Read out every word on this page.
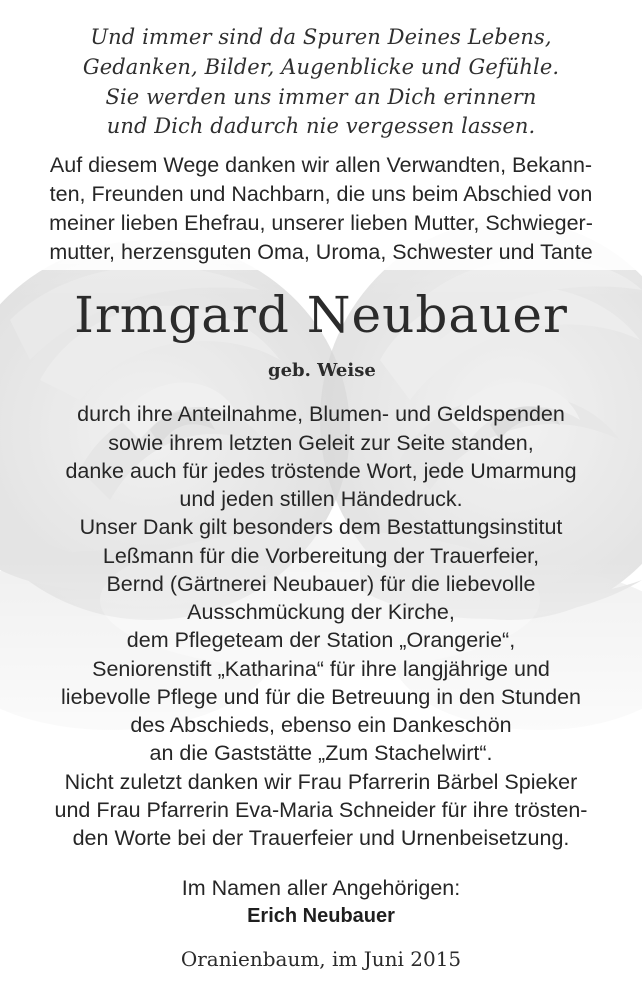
Und immer sind da Spuren Deines Lebens,
Gedanken, Bilder, Augenblicke und Gefühle.
Sie werden uns immer an Dich erinnern
und Dich dadurch nie vergessen lassen.
Auf diesem Wege danken wir allen Verwandten, Bekann-
ten, Freunden und Nachbarn, die uns beim Abschied von
meiner lieben Ehefrau, unserer lieben Mutter, Schwieger-
mutter, herzensguten Oma, Uroma, Schwester und Tante
Irmgard Neubauer
geb. Weise
durch ihre Anteilnahme, Blumen- und Geldspenden
sowie ihrem letzten Geleit zur Seite standen,
danke auch für jedes tröstende Wort, jede Umarmung
und jeden stillen Händedruck.
Unser Dank gilt besonders dem Bestattungsinstitut
Leßmann für die Vorbereitung der Trauerfeier,
Bernd (Gärtnerei Neubauer) für die liebevolle
Ausschmückung der Kirche,
dem Pflegeteam der Station „Orangerie“,
Seniorenstift „Katharina“ für ihre langjährige und
liebevolle Pflege und für die Betreuung in den Stunden
des Abschieds, ebenso ein Dankeschön
an die Gaststätte „Zum Stachelwirt“.
Nicht zuletzt danken wir Frau Pfarrerin Bärbel Spieker
und Frau Pfarrerin Eva-Maria Schneider für ihre trösten-
den Worte bei der Trauerfeier und Urnenbeisetzung.
Im Namen aller Angehörigen:
Erich Neubauer
Oranienbaum, im Juni 2015
